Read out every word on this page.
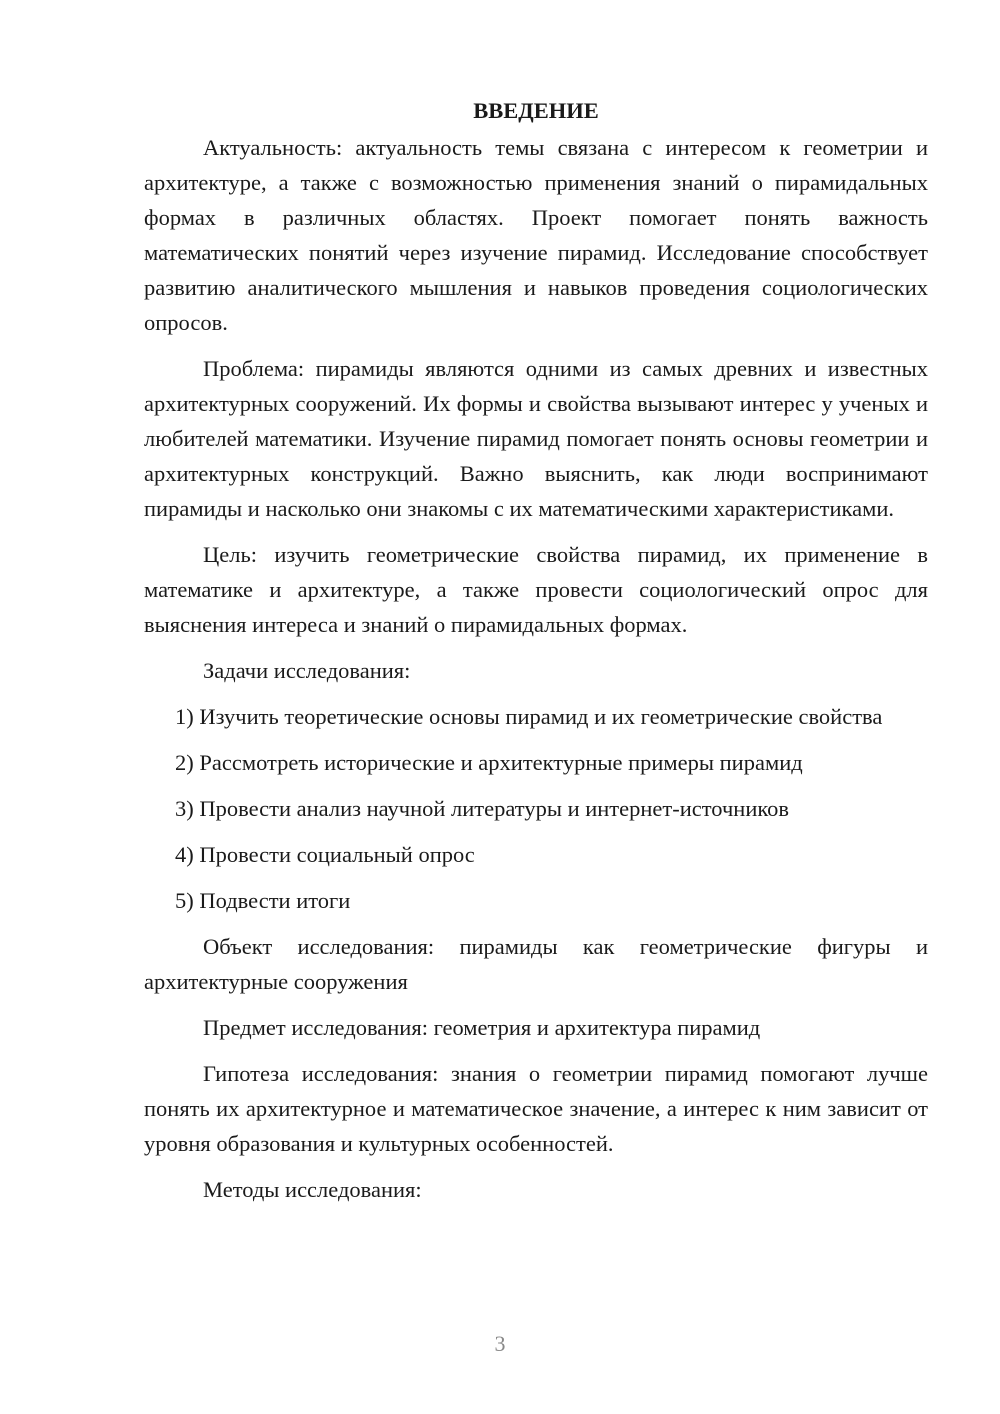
ВВЕДЕНИЕ

Актуальность: актуальность темы связана с интересом к геометрии и архитектуре, а также с возможностью применения знаний о пирамидальных формах в различных областях. Проект помогает понять важность математических понятий через изучение пирамид. Исследование способствует развитию аналитического мышления и навыков проведения социологических опросов.

Проблема: пирамиды являются одними из самых древних и известных архитектурных сооружений. Их формы и свойства вызывают интерес у ученых и любителей математики. Изучение пирамид помогает понять основы геометрии и архитектурных конструкций. Важно выяснить, как люди воспринимают пирамиды и насколько они знакомы с их математическими характеристиками.

Цель: изучить геометрические свойства пирамид, их применение в математике и архитектуре, а также провести социологический опрос для выяснения интереса и знаний о пирамидальных формах.

Задачи исследования:

1) Изучить теоретические основы пирамид и их геометрические свойства

2) Рассмотреть исторические и архитектурные примеры пирамид

3) Провести анализ научной литературы и интернет-источников

4) Провести социальный опрос

5) Подвести итоги

Объект исследования: пирамиды как геометрические фигуры и архитектурные сооружения

Предмет исследования: геометрия и архитектура пирамид

Гипотеза исследования: знания о геометрии пирамид помогают лучше понять их архитектурное и математическое значение, а интерес к ним зависит от уровня образования и культурных особенностей.

Методы исследования:

3
